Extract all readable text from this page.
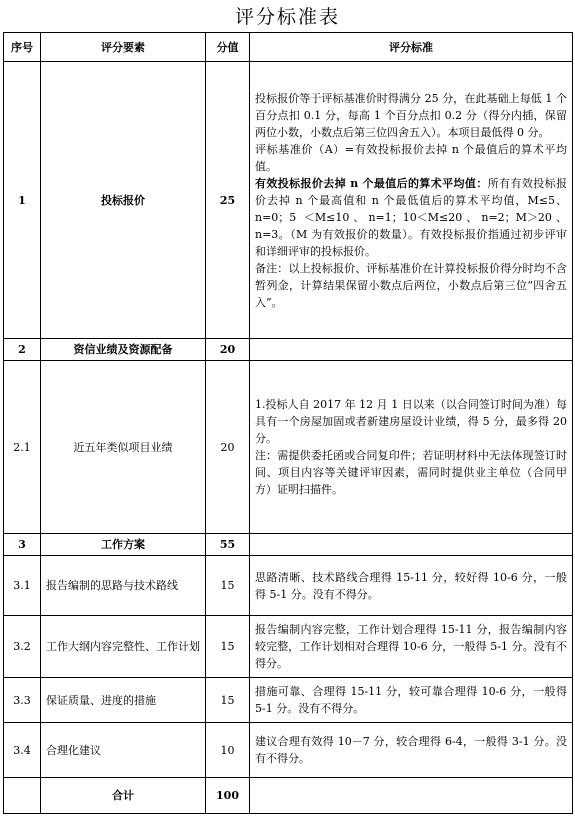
评分标准表
序号	评分要素	分值	评分标准
1	投标报价	25	投标报价等于评标基准价时得满分 25 分，在此基础上每低 1 个百分点扣 0.1 分，每高 1 个百分点扣 0.2 分（得分内插，保留两位小数，小数点后第三位四舍五入）。本项目最低得 0 分。
评标基准价（A）=有效投标报价去掉 n 个最值后的算术平均值。
有效投标报价去掉 n 个最值后的算术平均值：所有有效投标报价去掉 n 个最高值和 n 个最低值后的算术平均值，M≤5、n=0；5 ＜M≤10、n=1；10＜M≤20、n=2；M＞20、n=3。（M 为有效报价的数量）。有效投标报价指通过初步评审和详细评审的投标报价。
备注：以上投标报价、评标基准价在计算投标报价得分时均不含暂列金，计算结果保留小数点后两位，小数点后第三位“四舍五入”。

2	资信业绩及资源配备	20	
2.1	近五年类似项目业绩	20	1.投标人自 2017 年 12 月 1 日以来（以合同签订时间为准）每具有一个房屋加固或者新建房屋设计业绩，得 5 分，最多得 20 分。
注：需提供委托函或合同复印件；若证明材料中无法体现签订时间、项目内容等关键评审因素，需同时提供业主单位（合同甲方）证明扫描件。

3	工作方案	55	
3.1	报告编制的思路与技术路线	15	思路清晰、技术路线合理得 15-11 分，较好得 10-6 分，一般得 5-1 分。没有不得分。
3.2	工作大纲内容完整性、工作计划	15	报告编制内容完整，工作计划合理得 15-11 分，报告编制内容较完整，工作计划相对合理得 10-6 分，一般得 5-1 分。没有不得分。
3.3	保证质量、进度的措施	15	措施可靠、合理得 15-11 分，较可靠合理得 10-6 分，一般得 5-1 分。没有不得分。
3.4	合理化建议	10	建议合理有效得 10－7 分，较合理得 6-4，一般得 3-1 分。没有不得分。
	合计	100	
